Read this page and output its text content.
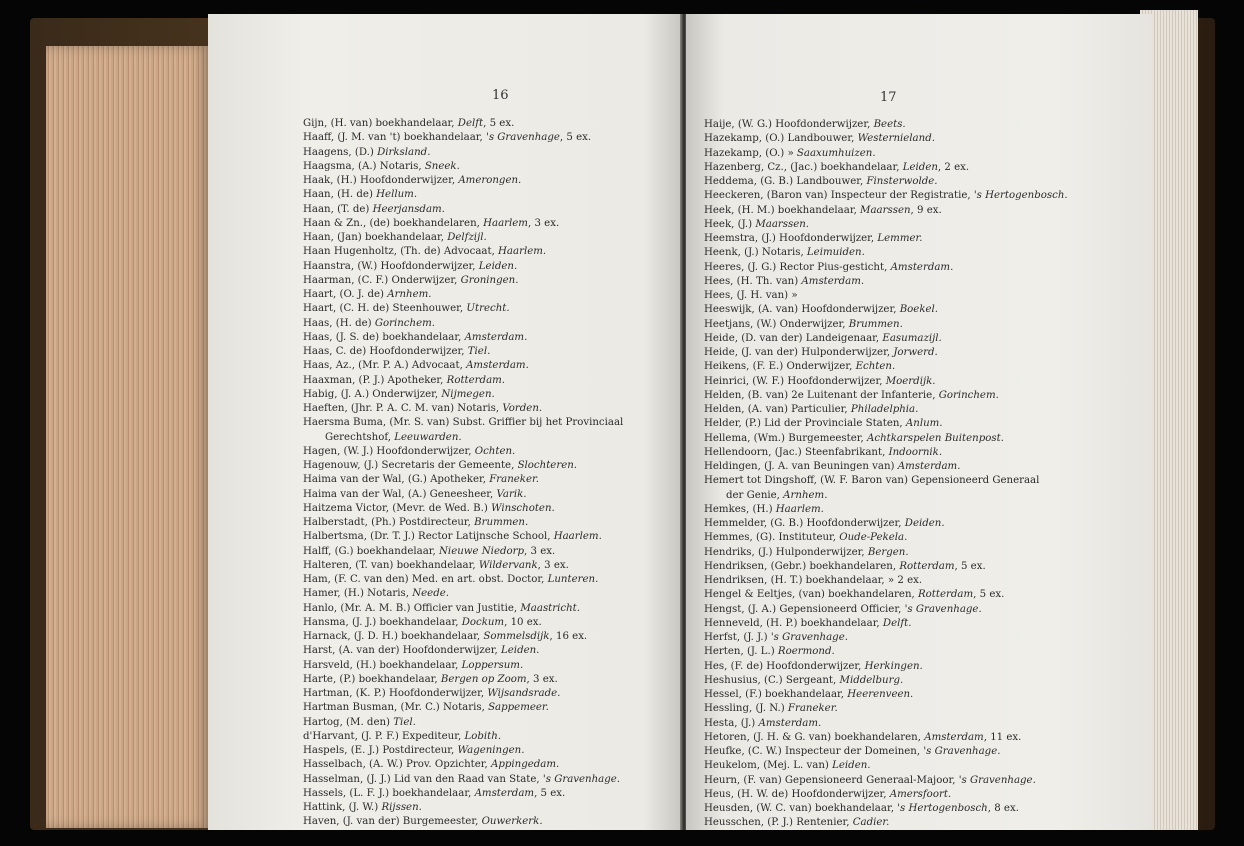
16
Gijn, (H. van) boekhandelaar, Delft, 5 ex.
Haaff, (J. M. van 't) boekhandelaar, 's Gravenhage, 5 ex.
Haagens, (D.) Dirksland.
Haagsma, (A.) Notaris, Sneek.
Haak, (H.) Hoofdonderwijzer, Amerongen.
Haan, (H. de) Hellum.
Haan, (T. de) Heerjansdam.
Haan & Zn., (de) boekhandelaren, Haarlem, 3 ex.
Haan, (Jan) boekhandelaar, Delfzijl.
Haan Hugenholtz, (Th. de) Advocaat, Haarlem.
Haanstra, (W.) Hoofdonderwijzer, Leiden.
Haarman, (C. F.) Onderwijzer, Groningen.
Haart, (O. J. de) Arnhem.
Haart, (C. H. de) Steenhouwer, Utrecht.
Haas, (H. de) Gorinchem.
Haas, (J. S. de) boekhandelaar, Amsterdam.
Haas, C. de) Hoofdonderwijzer, Tiel.
Haas, Az., (Mr. P. A.) Advocaat, Amsterdam.
Haaxman, (P. J.) Apotheker, Rotterdam.
Habig, (J. A.) Onderwijzer, Nijmegen.
Haeften, (Jhr. P. A. C. M. van) Notaris, Vorden.
Haersma Buma, (Mr. S. van) Subst. Griffier bij het Provinciaal
Gerechtshof, Leeuwarden.
Hagen, (W. J.) Hoofdonderwijzer, Ochten.
Hagenouw, (J.) Secretaris der Gemeente, Slochteren.
Haima van der Wal, (G.) Apotheker, Franeker.
Haima van der Wal, (A.) Geneesheer, Varik.
Haitzema Victor, (Mevr. de Wed. B.) Winschoten.
Halberstadt, (Ph.) Postdirecteur, Brummen.
Halbertsma, (Dr. T. J.) Rector Latijnsche School, Haarlem.
Halff, (G.) boekhandelaar, Nieuwe Niedorp, 3 ex.
Halteren, (T. van) boekhandelaar, Wildervank, 3 ex.
Ham, (F. C. van den) Med. en art. obst. Doctor, Lunteren.
Hamer, (H.) Notaris, Neede.
Hanlo, (Mr. A. M. B.) Officier van Justitie, Maastricht.
Hansma, (J. J.) boekhandelaar, Dockum, 10 ex.
Harnack, (J. D. H.) boekhandelaar, Sommelsdijk, 16 ex.
Harst, (A. van der) Hoofdonderwijzer, Leiden.
Harsveld, (H.) boekhandelaar, Loppersum.
Harte, (P.) boekhandelaar, Bergen op Zoom, 3 ex.
Hartman, (K. P.) Hoofdonderwijzer, Wijsandsrade.
Hartman Busman, (Mr. C.) Notaris, Sappemeer.
Hartog, (M. den) Tiel.
d'Harvant, (J. P. F.) Expediteur, Lobith.
Haspels, (E. J.) Postdirecteur, Wageningen.
Hasselbach, (A. W.) Prov. Opzichter, Appingedam.
Hasselman, (J. J.) Lid van den Raad van State, 's Gravenhage.
Hassels, (L. F. J.) boekhandelaar, Amsterdam, 5 ex.
Hattink, (J. W.) Rijssen.
Haven, (J. van der) Burgemeester, Ouwerkerk.
17
Haije, (W. G.) Hoofdonderwijzer, Beets.
Hazekamp, (O.) Landbouwer, Westernieland.
Hazekamp, (O.) » Saaxumhuizen.
Hazenberg, Cz., (Jac.) boekhandelaar, Leiden, 2 ex.
Heddema, (G. B.) Landbouwer, Finsterwolde.
Heeckeren, (Baron van) Inspecteur der Registratie, 's Hertogenbosch.
Heek, (H. M.) boekhandelaar, Maarssen, 9 ex.
Heek, (J.) Maarssen.
Heemstra, (J.) Hoofdonderwijzer, Lemmer.
Heenk, (J.) Notaris, Leimuiden.
Heeres, (J. G.) Rector Pius-gesticht, Amsterdam.
Hees, (H. Th. van) Amsterdam.
Hees, (J. H. van) »
Heeswijk, (A. van) Hoofdonderwijzer, Boekel.
Heetjans, (W.) Onderwijzer, Brummen.
Heide, (D. van der) Landeigenaar, Easumazijl.
Heide, (J. van der) Hulponderwijzer, Jorwerd.
Heikens, (F. E.) Onderwijzer, Echten.
Heinrici, (W. F.) Hoofdonderwijzer, Moerdijk.
Helden, (B. van) 2e Luitenant der Infanterie, Gorinchem.
Helden, (A. van) Particulier, Philadelphia.
Helder, (P.) Lid der Provinciale Staten, Anlum.
Hellema, (Wm.) Burgemeester, Achtkarspelen Buitenpost.
Hellendoorn, (Jac.) Steenfabrikant, Indoornik.
Heldingen, (J. A. van Beuningen van) Amsterdam.
Hemert tot Dingshoff, (W. F. Baron van) Gepensioneerd Generaal
der Genie, Arnhem.
Hemkes, (H.) Haarlem.
Hemmelder, (G. B.) Hoofdonderwijzer, Deiden.
Hemmes, (G). Instituteur, Oude-Pekela.
Hendriks, (J.) Hulponderwijzer, Bergen.
Hendriksen, (Gebr.) boekhandelaren, Rotterdam, 5 ex.
Hendriksen, (H. T.) boekhandelaar, » 2 ex.
Hengel & Eeltjes, (van) boekhandelaren, Rotterdam, 5 ex.
Hengst, (J. A.) Gepensioneerd Officier, 's Gravenhage.
Henneveld, (H. P.) boekhandelaar, Delft.
Herfst, (J. J.) 's Gravenhage.
Herten, (J. L.) Roermond.
Hes, (F. de) Hoofdonderwijzer, Herkingen.
Heshusius, (C.) Sergeant, Middelburg.
Hessel, (F.) boekhandelaar, Heerenveen.
Hessling, (J. N.) Franeker.
Hesta, (J.) Amsterdam.
Hetoren, (J. H. & G. van) boekhandelaren, Amsterdam, 11 ex.
Heufke, (C. W.) Inspecteur der Domeinen, 's Gravenhage.
Heukelom, (Mej. L. van) Leiden.
Heurn, (F. van) Gepensioneerd Generaal-Majoor, 's Gravenhage.
Heus, (H. W. de) Hoofdonderwijzer, Amersfoort.
Heusden, (W. C. van) boekhandelaar, 's Hertogenbosch, 8 ex.
Heusschen, (P. J.) Rentenier, Cadier.
